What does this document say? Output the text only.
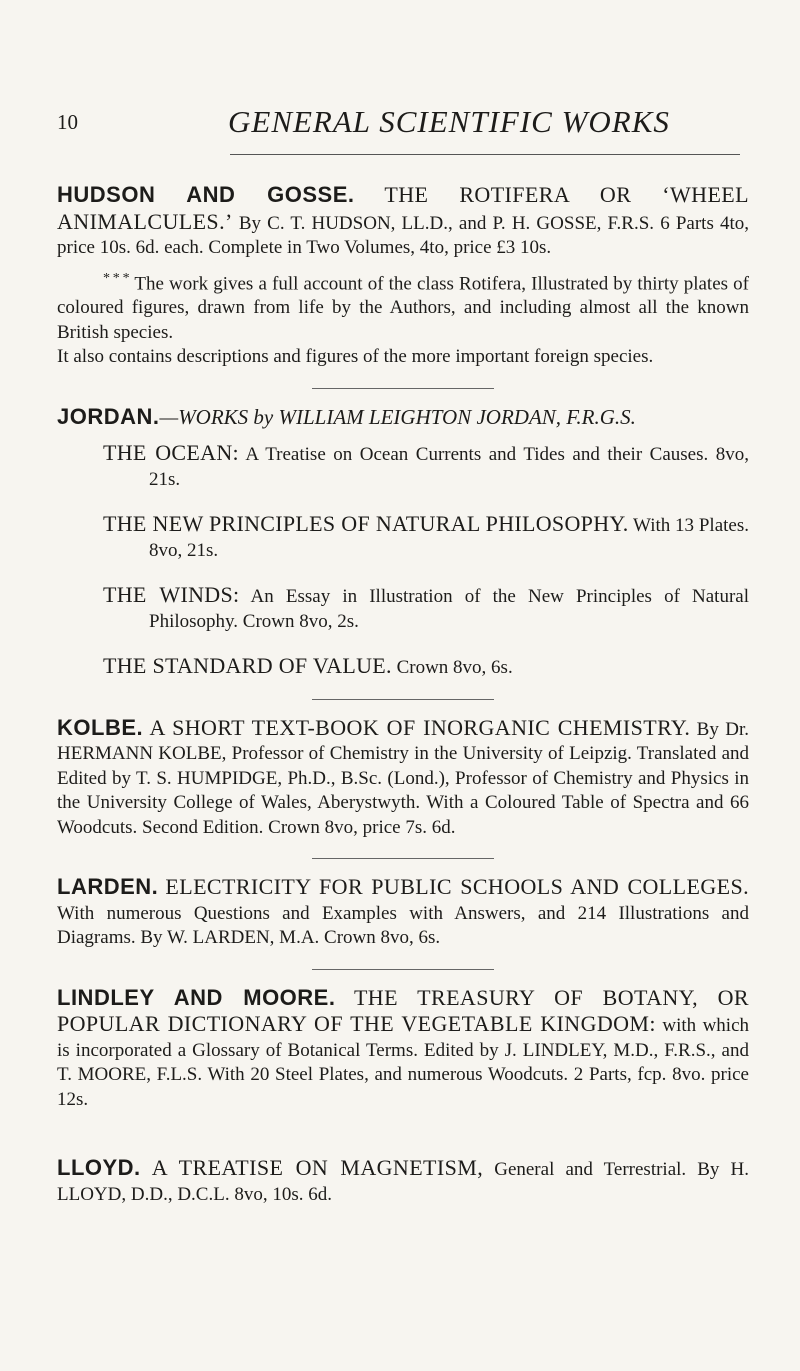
10	GENERAL SCIENTIFIC WORKS

HUDSON AND GOSSE. THE ROTIFERA OR ‘WHEEL ANIMALCULES.’ By C. T. HUDSON, LL.D., and P. H. GOSSE, F.R.S. 6 Parts 4to, price 10s. 6d. each. Complete in Two Volumes, 4to, price £3 10s.

* * * The work gives a full account of the class Rotifera, Illustrated by thirty plates of coloured figures, drawn from life by the Authors, and including almost all the known British species.

It also contains descriptions and figures of the more important foreign species.

JORDAN.—WORKS by WILLIAM LEIGHTON JORDAN, F.R.G.S.

THE OCEAN: A Treatise on Ocean Currents and Tides and their Causes. 8vo, 21s.

THE NEW PRINCIPLES OF NATURAL PHILOSOPHY. With 13 Plates. 8vo, 21s.

THE WINDS: An Essay in Illustration of the New Principles of Natural Philosophy. Crown 8vo, 2s.

THE STANDARD OF VALUE. Crown 8vo, 6s.

KOLBE. A SHORT TEXT-BOOK OF INORGANIC CHEMISTRY. By Dr. HERMANN KOLBE, Professor of Chemistry in the University of Leipzig. Translated and Edited by T. S. HUMPIDGE, Ph.D., B.Sc. (Lond.), Professor of Chemistry and Physics in the University College of Wales, Aberystwyth. With a Coloured Table of Spectra and 66 Woodcuts. Second Edition. Crown 8vo, price 7s. 6d.

LARDEN. ELECTRICITY FOR PUBLIC SCHOOLS AND COLLEGES. With numerous Questions and Examples with Answers, and 214 Illustrations and Diagrams. By W. LARDEN, M.A. Crown 8vo, 6s.

LINDLEY AND MOORE. THE TREASURY OF BOTANY, OR POPULAR DICTIONARY OF THE VEGETABLE KINGDOM: with which is incorporated a Glossary of Botanical Terms. Edited by J. LINDLEY, M.D., F.R.S., and T. MOORE, F.L.S. With 20 Steel Plates, and numerous Woodcuts. 2 Parts, fcp. 8vo. price 12s.

LLOYD. A TREATISE ON MAGNETISM, General and Terrestrial. By H. LLOYD, D.D., D.C.L. 8vo, 10s. 6d.
